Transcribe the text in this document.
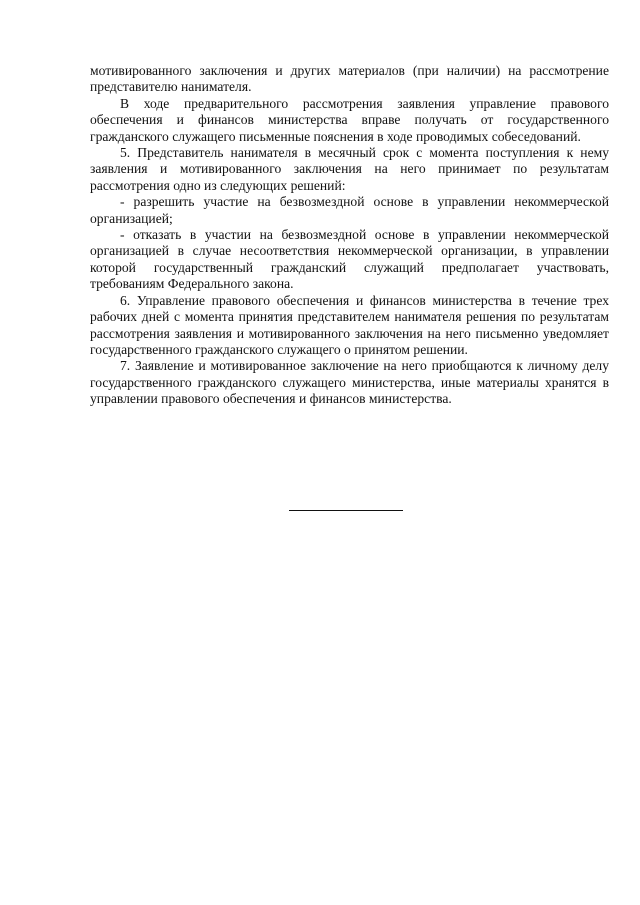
мотивированного заключения и других материалов (при наличии) на рассмотрение представителю нанимателя.

В ходе предварительного рассмотрения заявления управление правового обеспечения и финансов министерства вправе получать от государственного гражданского служащего письменные пояснения в ходе проводимых собеседований.

5. Представитель нанимателя в месячный срок с момента поступления к нему заявления и мотивированного заключения на него принимает по результатам рассмотрения одно из следующих решений:

- разрешить участие на безвозмездной основе в управлении некоммерческой организацией;

- отказать в участии на безвозмездной основе в управлении некоммерческой организацией в случае несоответствия некоммерческой организации, в управлении которой государственный гражданский служащий предполагает участвовать, требованиям Федерального закона.

6. Управление правового обеспечения и финансов министерства в течение трех рабочих дней с момента принятия представителем нанимателя решения по результатам рассмотрения заявления и мотивированного заключения на него письменно уведомляет государственного гражданского служащего о принятом решении.

7. Заявление и мотивированное заключение на него приобщаются к личному делу государственного гражданского служащего министерства, иные материалы хранятся в управлении правового обеспечения и финансов министерства.
